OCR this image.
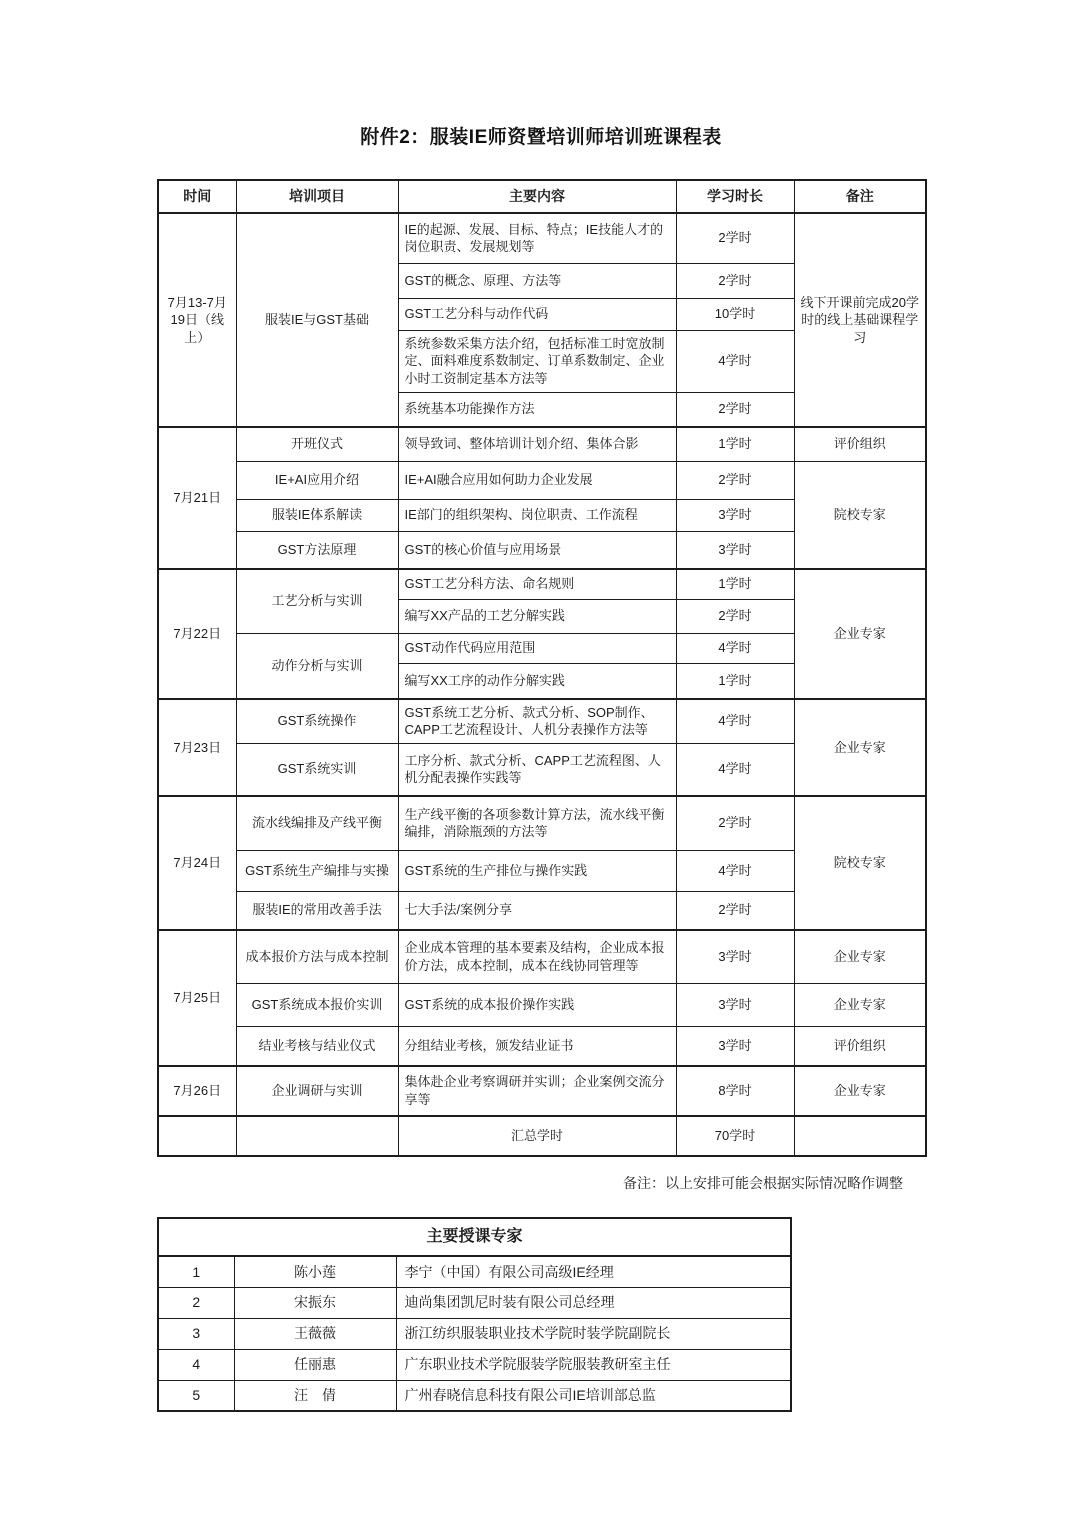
附件2：服装IE师资暨培训师培训班课程表
时间	培训项目	主要内容	学习时长	备注
7月13-7月19日（线上）	服装IE与GST基础	IE的起源、发展、目标、特点；IE技能人才的岗位职责、发展规划等	2学时	线下开课前完成20学时的线上基础课程学习
		GST的概念、原理、方法等	2学时	
		GST工艺分科与动作代码	10学时	
		系统参数采集方法介绍，包括标准工时宽放制定、面料难度系数制定、订单系数制定、企业小时工资制定基本方法等	4学时	
		系统基本功能操作方法	2学时	
7月21日	开班仪式	领导致词、整体培训计划介绍、集体合影	1学时	评价组织
	IE+AI应用介绍	IE+AI融合应用如何助力企业发展	2学时	院校专家
	服装IE体系解读	IE部门的组织架构、岗位职责、工作流程	3学时	
	GST方法原理	GST的核心价值与应用场景	3学时	
7月22日	工艺分析与实训	GST工艺分科方法、命名规则	1学时	企业专家
		编写XX产品的工艺分解实践	2学时	
	动作分析与实训	GST动作代码应用范围	4学时	
		编写XX工序的动作分解实践	1学时	
7月23日	GST系统操作	GST系统工艺分析、款式分析、SOP制作、CAPP工艺流程设计、人机分表操作方法等	4学时	企业专家
	GST系统实训	工序分析、款式分析、CAPP工艺流程图、人机分配表操作实践等	4学时	
7月24日	流水线编排及产线平衡	生产线平衡的各项参数计算方法，流水线平衡编排，消除瓶颈的方法等	2学时	院校专家
	GST系统生产编排与实操	GST系统的生产排位与操作实践	4学时	
	服装IE的常用改善手法	七大手法/案例分享	2学时	
7月25日	成本报价方法与成本控制	企业成本管理的基本要素及结构，企业成本报价方法，成本控制，成本在线协同管理等	3学时	企业专家
	GST系统成本报价实训	GST系统的成本报价操作实践	3学时	企业专家
	结业考核与结业仪式	分组结业考核，颁发结业证书	3学时	评价组织
7月26日	企业调研与实训	集体赴企业考察调研并实训；企业案例交流分享等	8学时	企业专家
		汇总学时	70学时	
备注：以上安排可能会根据实际情况略作调整
主要授课专家		
1	陈小莲	李宁（中国）有限公司高级IE经理
2	宋振东	迪尚集团凯尼时装有限公司总经理
3	王薇薇	浙江纺织服装职业技术学院时装学院副院长
4	任丽惠	广东职业技术学院服装学院服装教研室主任
5	汪　倩	广州春晓信息科技有限公司IE培训部总监
